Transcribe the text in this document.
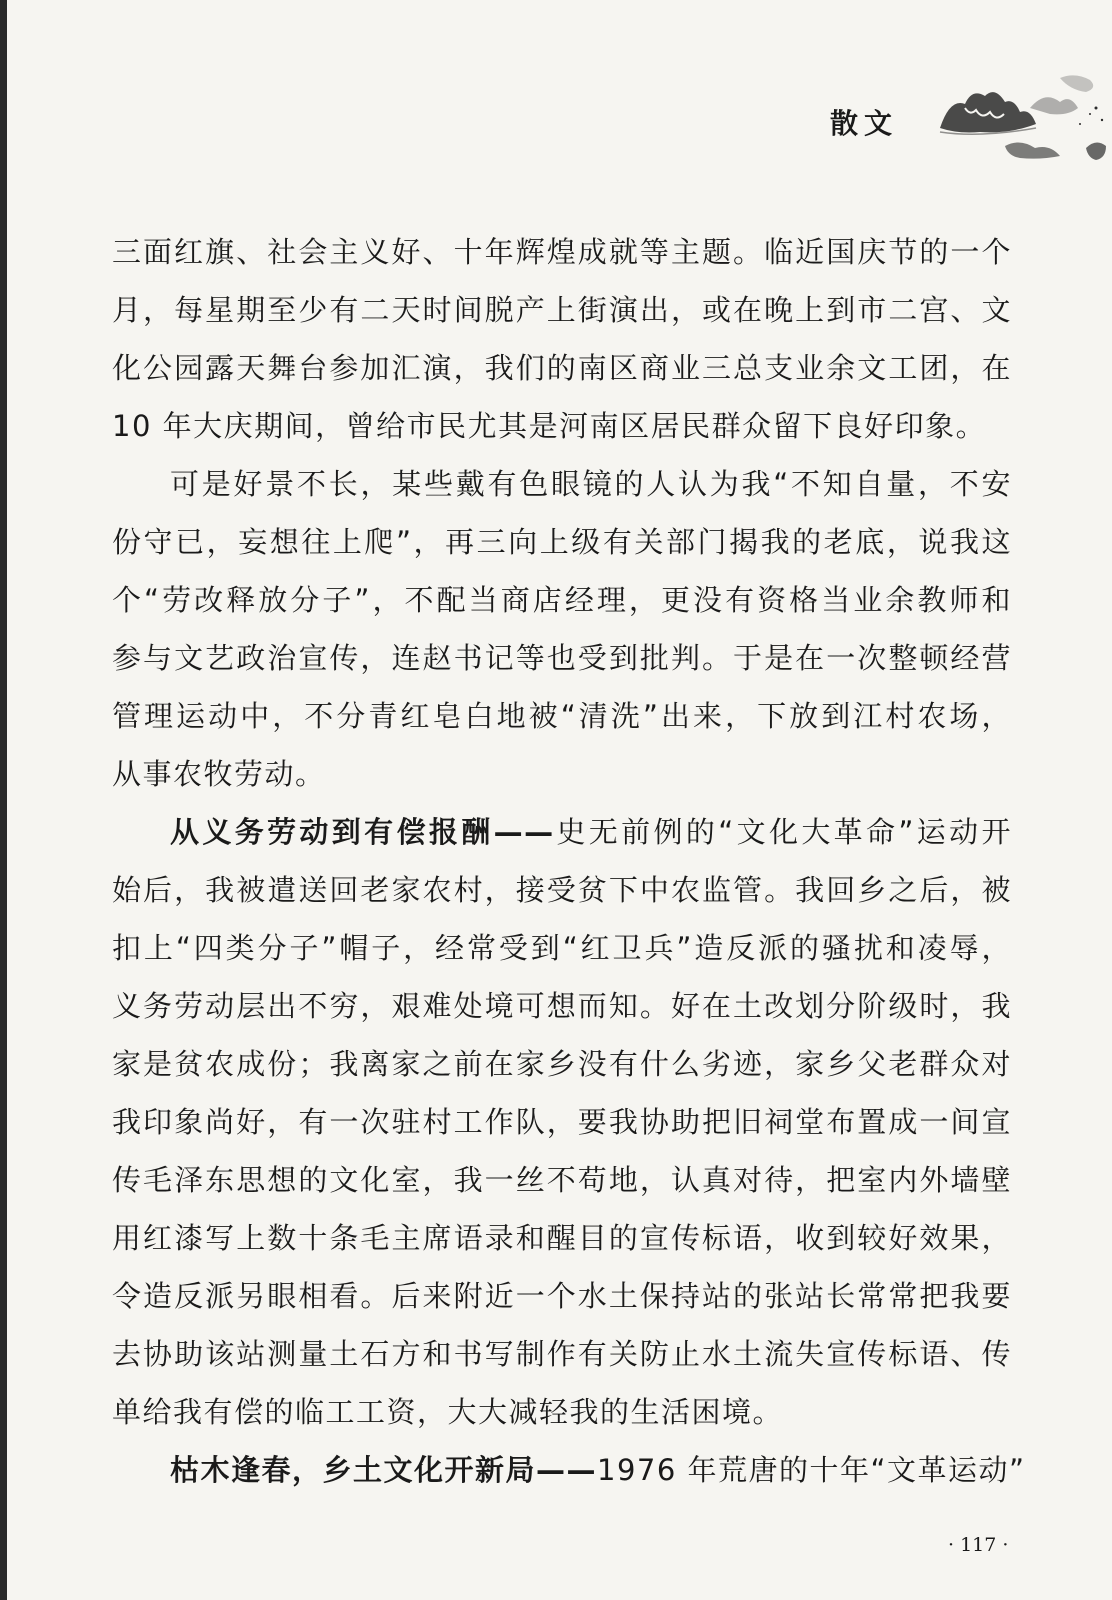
散文
三面红旗、社会主义好、十年辉煌成就等主题。临近国庆节的一个
月，每星期至少有二天时间脱产上街演出，或在晚上到市二宫、文
化公园露天舞台参加汇演，我们的南区商业三总支业余文工团，在
10 年大庆期间，曾给市民尤其是河南区居民群众留下良好印象。
可是好景不长，某些戴有色眼镜的人认为我“不知自量，不安
份守已，妄想往上爬”，再三向上级有关部门揭我的老底，说我这
个“劳改释放分子”，不配当商店经理，更没有资格当业余教师和
参与文艺政治宣传，连赵书记等也受到批判。于是在一次整顿经营
管理运动中，不分青红皂白地被“清洗”出来，下放到江村农场，
从事农牧劳动。
从义务劳动到有偿报酬——史无前例的“文化大革命”运动开
始后，我被遣送回老家农村，接受贫下中农监管。我回乡之后，被
扣上“四类分子”帽子，经常受到“红卫兵”造反派的骚扰和凌辱，
义务劳动层出不穷，艰难处境可想而知。好在土改划分阶级时，我
家是贫农成份；我离家之前在家乡没有什么劣迹，家乡父老群众对
我印象尚好，有一次驻村工作队，要我协助把旧祠堂布置成一间宣
传毛泽东思想的文化室，我一丝不苟地，认真对待，把室内外墙壁
用红漆写上数十条毛主席语录和醒目的宣传标语，收到较好效果，
令造反派另眼相看。后来附近一个水土保持站的张站长常常把我要
去协助该站测量土石方和书写制作有关防止水土流失宣传标语、传
单给我有偿的临工工资，大大减轻我的生活困境。
枯木逢春，乡土文化开新局——1976 年荒唐的十年“文革运动”
· 117 ·
